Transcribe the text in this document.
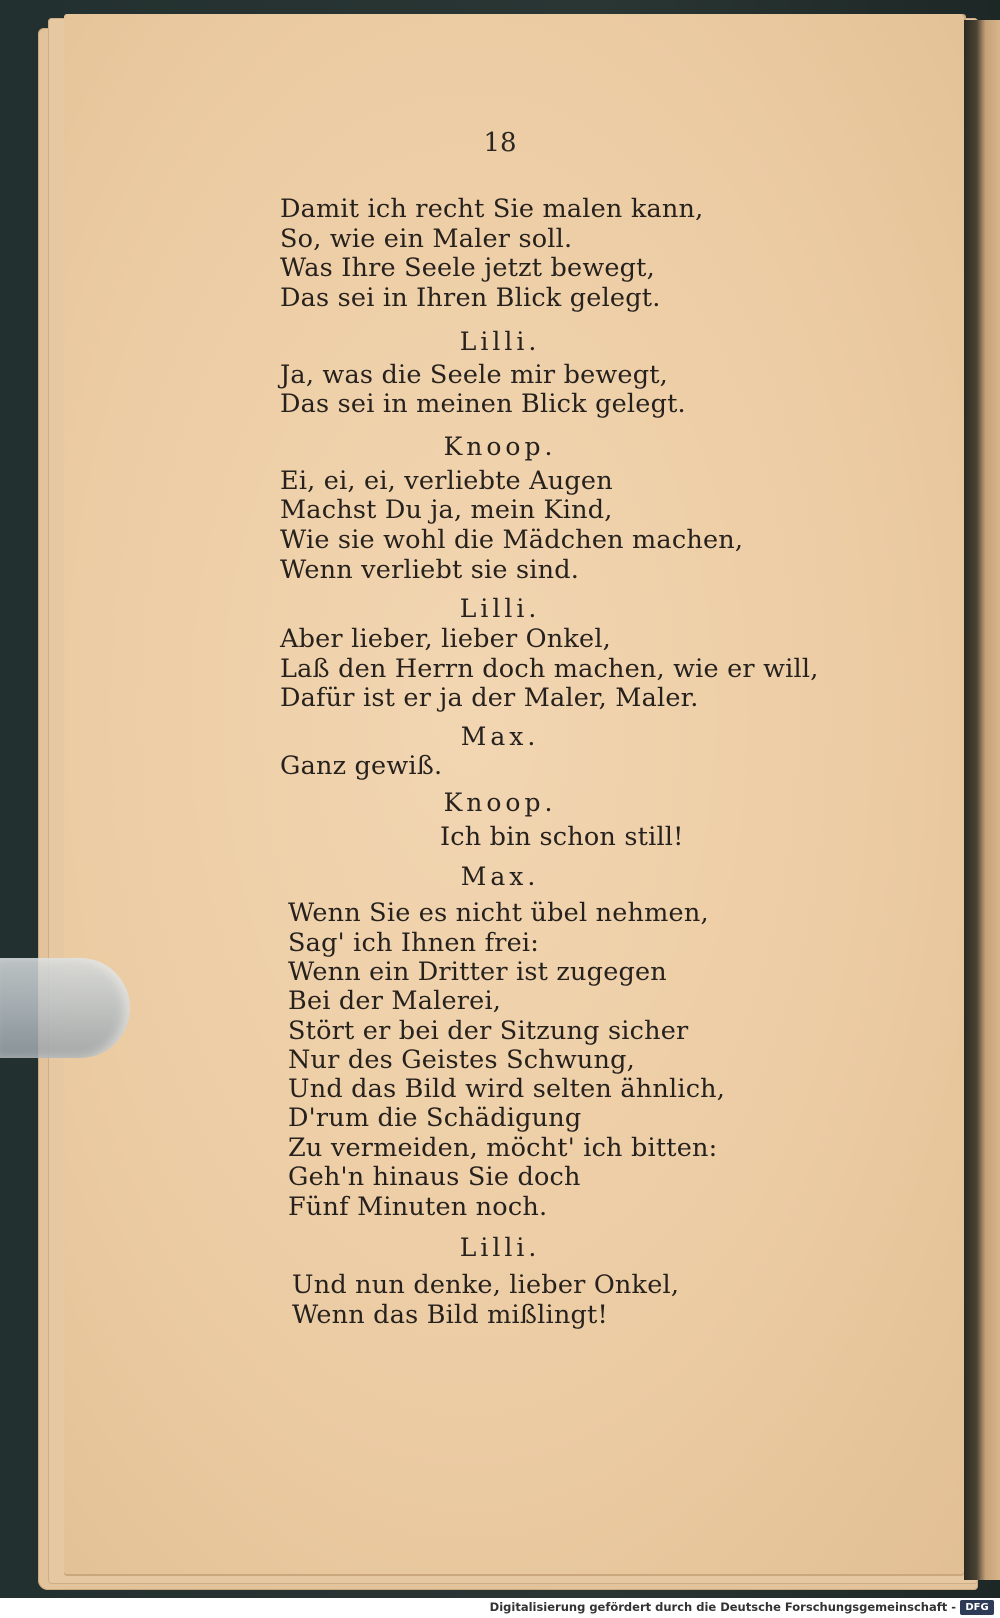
18
Damit ich recht Sie malen kann,
So, wie ein Maler soll.
Was Ihre Seele jetzt bewegt,
Das sei in Ihren Blick gelegt.
Lilli.
Ja, was die Seele mir bewegt,
Das sei in meinen Blick gelegt.
Knoop.
Ei, ei, ei, verliebte Augen
Machst Du ja, mein Kind,
Wie sie wohl die Mädchen machen,
Wenn verliebt sie sind.
Lilli.
Aber lieber, lieber Onkel,
Laß den Herrn doch machen, wie er will,
Dafür ist er ja der Maler, Maler.
Max.
Ganz gewiß.
Knoop.
Ich bin schon still!
Max.
Wenn Sie es nicht übel nehmen,
Sag' ich Ihnen frei:
Wenn ein Dritter ist zugegen
Bei der Malerei,
Stört er bei der Sitzung sicher
Nur des Geistes Schwung,
Und das Bild wird selten ähnlich,
D'rum die Schädigung
Zu vermeiden, möcht' ich bitten:
Geh'n hinaus Sie doch
Fünf Minuten noch.
Lilli.
Und nun denke, lieber Onkel,
Wenn das Bild mißlingt!
Digitalisierung gefördert durch die Deutsche Forschungsgemeinschaft - DFG
